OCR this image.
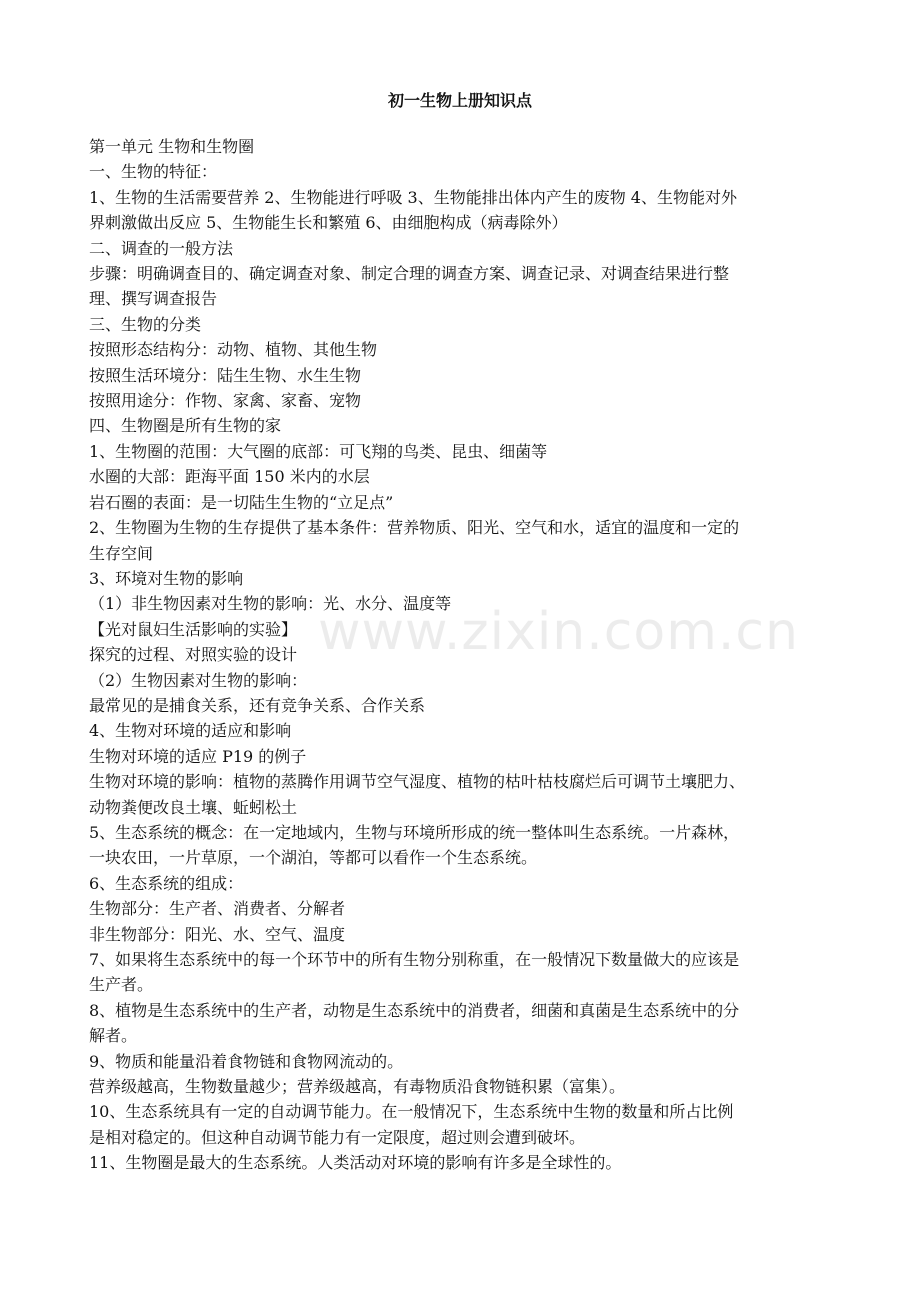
初一生物上册知识点
www.zixin.com.cn
第一单元 生物和生物圈
一、生物的特征：
1、生物的生活需要营养 2、生物能进行呼吸 3、生物能排出体内产生的废物 4、生物能对外
界刺激做出反应 5、生物能生长和繁殖 6、由细胞构成（病毒除外）
二、调查的一般方法
步骤：明确调查目的、确定调查对象、制定合理的调查方案、调查记录、对调查结果进行整
理、撰写调查报告
三、生物的分类
按照形态结构分：动物、植物、其他生物
按照生活环境分：陆生生物、水生生物
按照用途分：作物、家禽、家畜、宠物
四、生物圈是所有生物的家
1、生物圈的范围：大气圈的底部：可飞翔的鸟类、昆虫、细菌等
水圈的大部：距海平面 150 米内的水层
岩石圈的表面：是一切陆生生物的“立足点”
2、生物圈为生物的生存提供了基本条件：营养物质、阳光、空气和水，适宜的温度和一定的
生存空间
3、环境对生物的影响
（1）非生物因素对生物的影响：光、水分、温度等
【光对鼠妇生活影响的实验】
探究的过程、对照实验的设计
（2）生物因素对生物的影响：
最常见的是捕食关系，还有竞争关系、合作关系
4、生物对环境的适应和影响
生物对环境的适应 P19 的例子
生物对环境的影响：植物的蒸腾作用调节空气湿度、植物的枯叶枯枝腐烂后可调节土壤肥力、
动物粪便改良土壤、蚯蚓松土
5、生态系统的概念：在一定地域内，生物与环境所形成的统一整体叫生态系统。一片森林，
一块农田，一片草原，一个湖泊，等都可以看作一个生态系统。
6、生态系统的组成：
生物部分：生产者、消费者、分解者
非生物部分：阳光、水、空气、温度
7、如果将生态系统中的每一个环节中的所有生物分别称重，在一般情况下数量做大的应该是
生产者。
8、植物是生态系统中的生产者，动物是生态系统中的消费者，细菌和真菌是生态系统中的分
解者。
9、物质和能量沿着食物链和食物网流动的。
营养级越高，生物数量越少；营养级越高，有毒物质沿食物链积累（富集）。
10、生态系统具有一定的自动调节能力。在一般情况下，生态系统中生物的数量和所占比例
是相对稳定的。但这种自动调节能力有一定限度，超过则会遭到破坏。
11、生物圈是最大的生态系统。人类活动对环境的影响有许多是全球性的。
